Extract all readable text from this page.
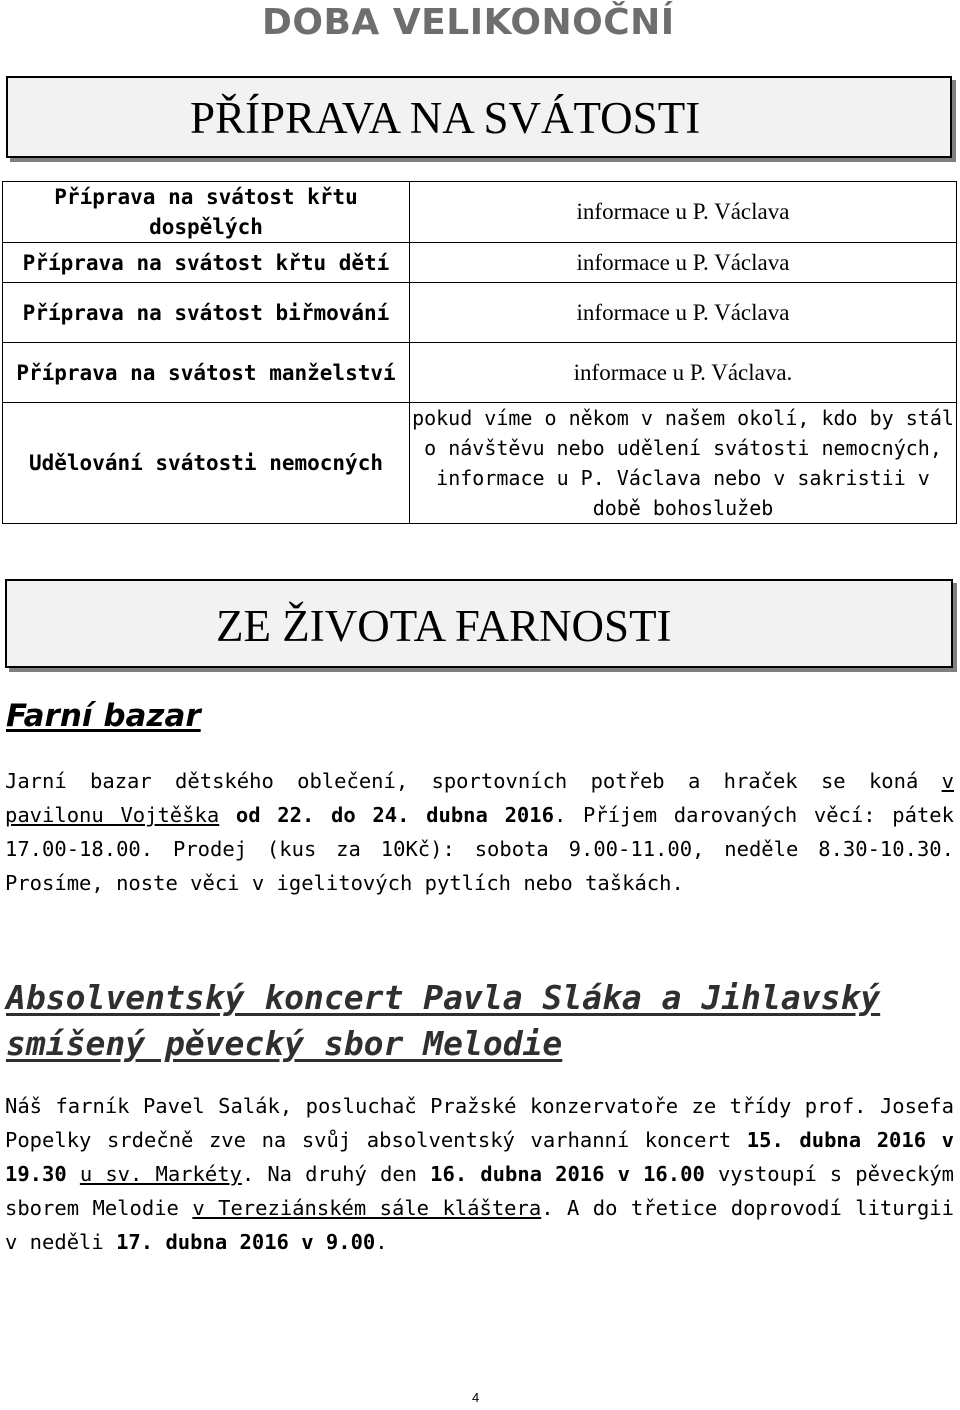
DOBA VELIKONOČNÍ
PŘÍPRAVA NA SVÁTOSTI
Příprava na svátost křtu dospělých	informace u P. Václava
Příprava na svátost křtu dětí	informace u P. Václava
Příprava na svátost biřmování	informace u P. Václava
Příprava na svátost manželství	informace u P. Václava.
Udělování svátosti nemocných	pokud víme o někom v našem okolí, kdo by stál o návštěvu nebo udělení svátosti nemocných, informace u P. Václava nebo v sakristii v době bohoslužeb
ZE ŽIVOTA FARNOSTI
Farní bazar
Jarní bazar dětského oblečení, sportovních potřeb a hraček se koná v pavilonu Vojtěška od 22. do 24. dubna 2016. Příjem darovaných věcí: pátek 17.00-18.00. Prodej (kus za 10Kč): sobota 9.00-11.00, neděle 8.30-10.30. Prosíme, noste věci v igelitových pytlích nebo taškách.
Absolventský koncert Pavla Sláka a Jihlavský smíšený pěvecký sbor Melodie
Náš farník Pavel Salák, posluchač Pražské konzervatoře ze třídy prof. Josefa Popelky srdečně zve na svůj absolventský varhanní koncert 15. dubna 2016 v 19.30 u sv. Markéty. Na druhý den 16. dubna 2016 v 16.00 vystoupí s pěveckým sborem Melodie v Tereziánském sále kláštera. A do třetice doprovodí liturgii v neděli 17. dubna 2016 v 9.00.
4
